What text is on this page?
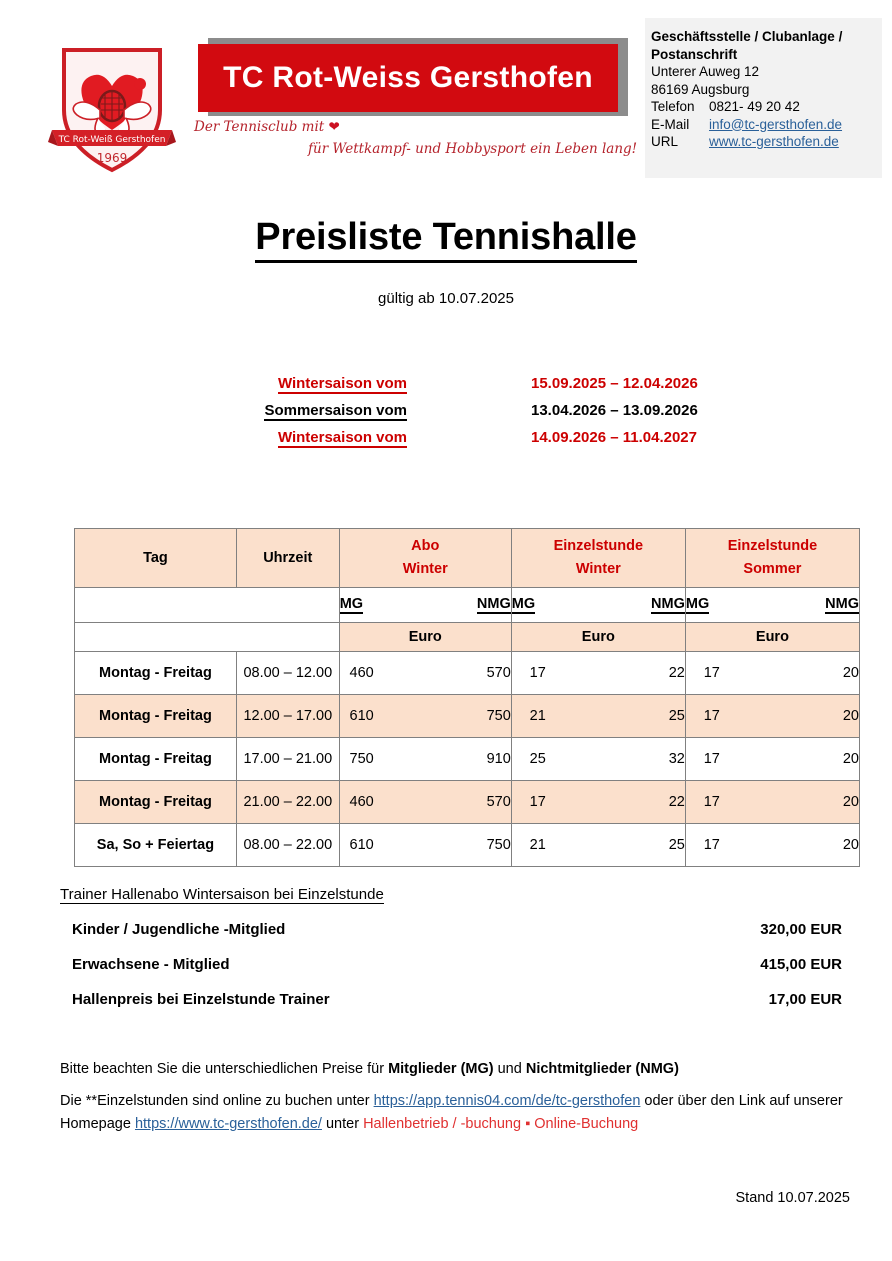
TC Rot-Weiß Gersthofen
1969
TC Rot-Weiss Gersthofen
Der Tennisclub mit ❤
für Wettkampf- und Hobbysport ein Leben lang!
Geschäftsstelle / Clubanlage /
Postanschrift
Unterer Auweg 12
86169 Augsburg
Telefon 0821- 49 20 42
E-Mail info@tc-gersthofen.de
URL www.tc-gersthofen.de
Preisliste Tennishalle
gültig ab 10.07.2025
Wintersaison vom	15.09.2025 – 12.04.2026
Sommersaison vom	13.04.2026 – 13.09.2026
Wintersaison vom	14.09.2026 – 11.04.2027
Tag	Uhrzeit	
Abo
Winter

Einzelstunde
Winter

Einzelstunde
Sommer

		MG NMG	MG NMG	MG NMG

		Euro	Euro	Euro
Montag - Freitag	08.00 – 12.00	460 570	17 22	17 20

Montag - Freitag	12.00 – 17.00	610 750	21 25	17 20

Montag - Freitag	17.00 – 21.00	750 910	25 32	17 20

Montag - Freitag	21.00 – 22.00	460 570	17 22	17 20

Sa, So + Feiertag	08.00 – 22.00	610 750	21 25	17 20
Trainer Hallenabo Wintersaison bei Einzelstunde
Kinder / Jugendliche -Mitglied	320,00 EUR
Erwachsene - Mitglied	415,00 EUR
Hallenpreis bei Einzelstunde Trainer	17,00 EUR
Bitte beachten Sie die unterschiedlichen Preise für Mitglieder (MG) und Nichtmitglieder (NMG)
Die **Einzelstunden sind online zu buchen unter https://app.tennis04.com/de/tc-gersthofen oder über den Link auf unserer Homepage https://www.tc-gersthofen.de/ unter Hallenbetrieb / -buchung ▪ Online-Buchung
Stand 10.07.2025
